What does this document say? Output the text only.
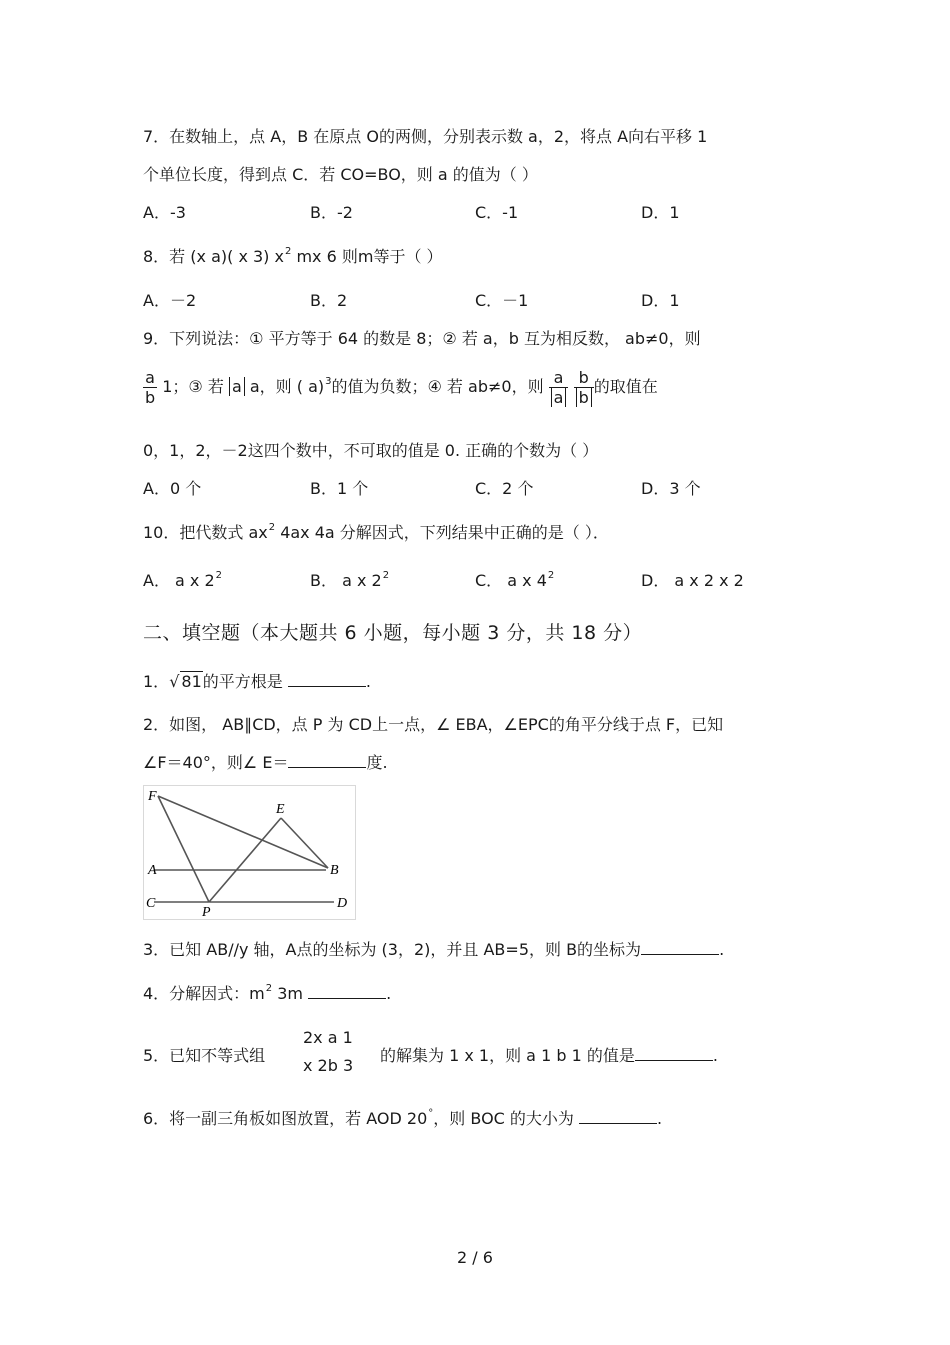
7．在数轴上，点 A，B 在原点 O的两侧，分别表示数 a，2，将点 A向右平移 1
个单位长度，得到点 C．若 CO=BO，则 a 的值为（ ）
A．-3	B．-2	C．-1	D．1
8．若 (x a)( x 3) $x^2$ mx 6 则m等于（ ）
A．－2	B．2	C．－1	D．1
9．下列说法：① 平方等于 64 的数是 8；② 若 a，b 互为相反数， ab≠0，则
$\frac{a}{b} 1$；③ 若 a a，则 ( a)$^3$的值为负数；④ 若 ab≠0，则 $\frac{a}{a}$
$\frac{b}{b}$ 的取值在
0，1，2，－2这四个数中，不可取的值是 0. 正确的个数为（ ）
A．0 个	B．1 个	C．2 个	D．3 个
10．把代数式 $ax^2$ 4ax 4a 分解因式，下列结果中正确的是（ ）．
A． a x $2^2$	B． a x $2^2$	C． a x $4^2$	D． a x 2 x 2
二、填空题（本大题共 6 小题，每小题 3 分，共 18 分）
1．√ 81的平方根是	.
2．如图， AB∥CD，点 P 为 CD上一点，∠ EBA，∠EPC的角平分线于点 F，已知
∠F＝40°，则∠ E＝	度.
F
E
A	B
C	D
P
3．已知 AB//y 轴，A点的坐标为 (3，2)，并且 AB=5，则 B的坐标为	.
4．分解因式：$m^2$ 3m	.
5．已知不等式组
2x a 1
x 2b 3
的解集为 1 x 1，则 a 1 b 1 的值是	.
6．将一副三角板如图放置，若 AOD 20°，则 BOC 的大小为	.
2 / 6
